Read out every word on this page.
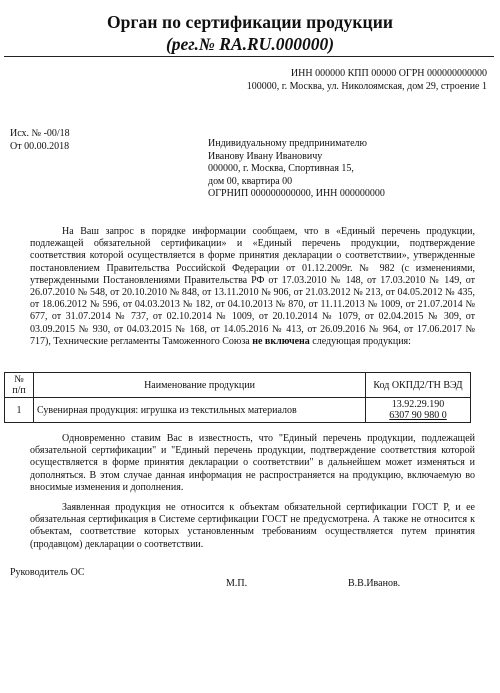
Орган по сертификации продукции
(рег.№ RA.RU.000000)
ИНН 000000 КПП 00000 ОГРН 000000000000
100000, г. Москва, ул. Николоямская, дом 29, строение 1
Исх. № -00/18
От 00.00.2018	Индивидуальному предпринимателю
Иванову Ивану Ивановичу
000000, г. Москва, Спортивная 15,
дом 00, квартира 00
ОГРНИП 000000000000, ИНН 000000000
На Ваш запрос в порядке информации сообщаем, что в «Единый перечень продукции, подлежащей обязательной сертификации» и «Единый перечень продукции, подтверждение соответствия которой осуществляется в форме принятия декларации о соответствии», утвержденные постановлением Правительства Российской Федерации от 01.12.2009г. № 982 (с изменениями, утвержденными Постановлениями Правительства РФ от 17.03.2010 № 148, от 17.03.2010 № 149, от 26.07.2010 № 548, от 20.10.2010 № 848, от 13.11.2010 № 906, от 21.03.2012 № 213, от 04.05.2012 № 435, от 18.06.2012 № 596, от 04.03.2013 № 182, от 04.10.2013 № 870, от 11.11.2013 № 1009, от 21.07.2014 № 677, от 31.07.2014 № 737, от 02.10.2014 № 1009, от 20.10.2014 № 1079, от 02.04.2015 № 309, от 03.09.2015 № 930, от 04.03.2015 № 168, от 14.05.2016 № 413, от 26.09.2016 № 964, от 17.06.2017 № 717), Технические регламенты Таможенного Союза не включена следующая продукция:
№
п/п	Наименование продукции	Код ОКПД2/ТН ВЭД
1	Сувенирная продукция: игрушка из текстильных материалов	13.92.29.190
6307 90 980 0
Одновременно ставим Вас в известность, что "Единый перечень продукции, подлежащей обязательной сертификации" и "Единый перечень продукции, подтверждение соответствия которой осуществляется в форме принятия декларации о соответствии" в дальнейшем может изменяться и дополняться. В этом случае данная информация не распространяется на продукцию, включаемую во вносимые изменения и дополнения.
Заявленная продукция не относится к объектам обязательной сертификации ГОСТ Р, и ее обязательная сертификация в Системе сертификации ГОСТ не предусмотрена. А также не относится к объектам, соответствие которых установленным требованиям осуществляется путем принятия (продавцом) декларации о соответствии.
Руководитель ОС
М.П.	В.В.Иванов.
